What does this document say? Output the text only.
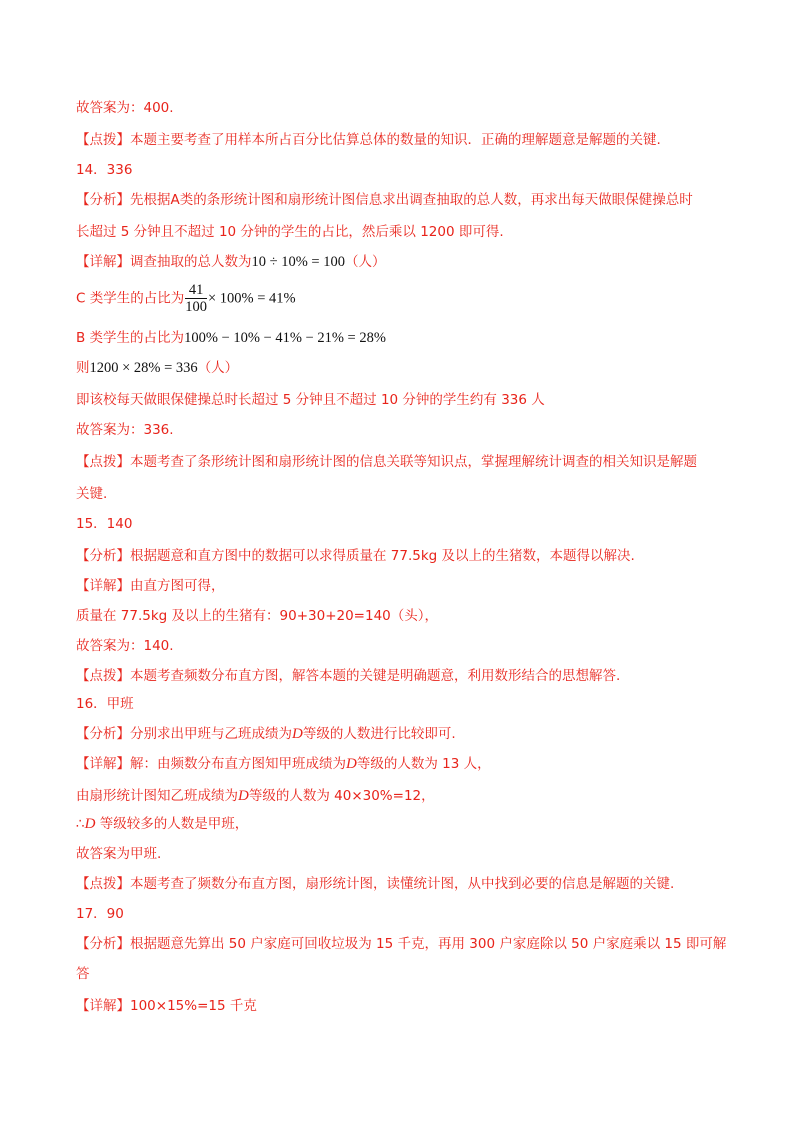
故答案为：400.
【点拨】本题主要考查了用样本所占百分比估算总体的数量的知识．正确的理解题意是解题的关键.
14．336
【分析】先根据A类的条形统计图和扇形统计图信息求出调查抽取的总人数，再求出每天做眼保健操总时
长超过 5 分钟且不超过 10 分钟的学生的占比，然后乘以 1200 即可得.
【详解】调查抽取的总人数为10 ÷ 10% = 100（人）
C 类学生的占比为 $\frac{41}{100} \times 100\% = 41\%$
B 类学生的占比为100% − 10% − 41% − 21% = 28%
则1200 × 28% = 336（人）
即该校每天做眼保健操总时长超过 5 分钟且不超过 10 分钟的学生约有 336 人
故答案为：336.
【点拨】本题考查了条形统计图和扇形统计图的信息关联等知识点，掌握理解统计调查的相关知识是解题
关键.
15．140
【分析】根据题意和直方图中的数据可以求得质量在 77.5kg 及以上的生猪数，本题得以解决.
【详解】由直方图可得，
质量在 77.5kg 及以上的生猪有：90+30+20=140（头），
故答案为：140.
【点拨】本题考查频数分布直方图，解答本题的关键是明确题意，利用数形结合的思想解答.
16．甲班
【分析】分别求出甲班与乙班成绩为D等级的人数进行比较即可.
【详解】解：由频数分布直方图知甲班成绩为D等级的人数为 13 人，
由扇形统计图知乙班成绩为D等级的人数为 40×30%=12，
∴D 等级较多的人数是甲班，
故答案为甲班.
【点拨】本题考查了频数分布直方图，扇形统计图，读懂统计图，从中找到必要的信息是解题的关键.
17．90
【分析】根据题意先算出 50 户家庭可回收垃圾为 15 千克，再用 300 户家庭除以 50 户家庭乘以 15 即可解
答
【详解】100×15%=15 千克
